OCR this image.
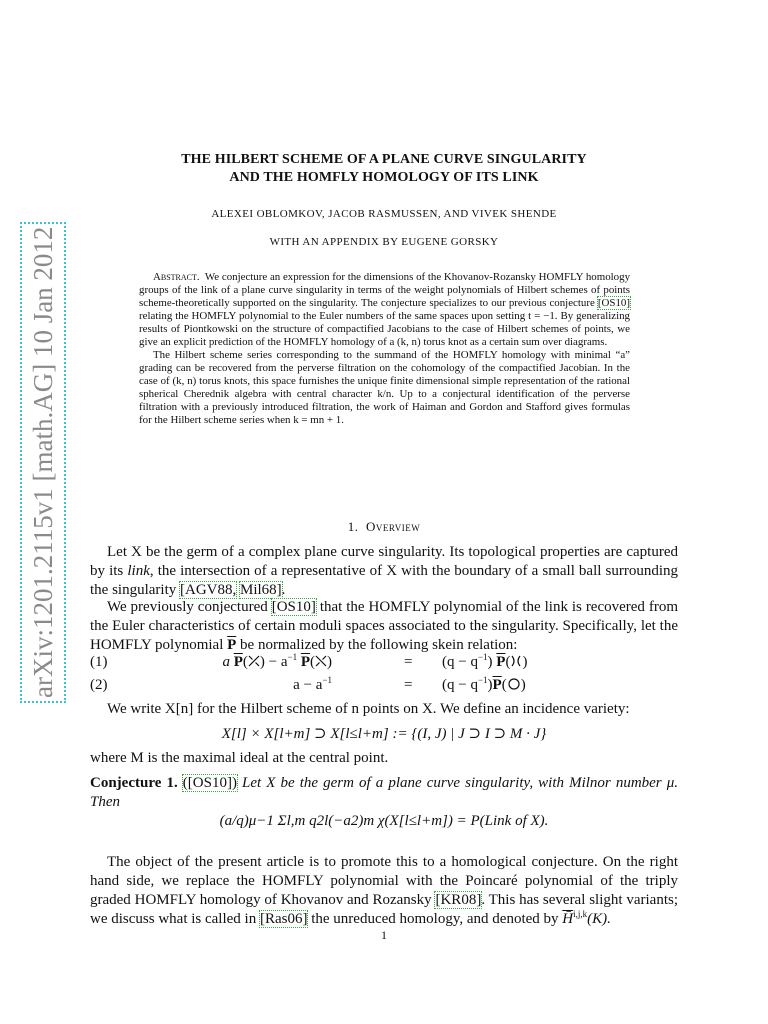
arXiv:1201.2115v1 [math.AG] 10 Jan 2012
THE HILBERT SCHEME OF A PLANE CURVE SINGULARITY
AND THE HOMFLY HOMOLOGY OF ITS LINK
ALEXEI OBLOMKOV, JACOB RASMUSSEN, AND VIVEK SHENDE
WITH AN APPENDIX BY EUGENE GORSKY

Abstract. We conjecture an expression for the dimensions of the Khovanov-Rozansky HOMFLY homology groups of the link of a plane curve singularity in terms of the weight polynomials of Hilbert schemes of points scheme-theoretically supported on the singularity. The conjecture specializes to our previous conjecture [OS10] relating the HOMFLY polynomial to the Euler numbers of the same spaces upon setting t = −1. By generalizing results of Piontkowski on the structure of compactified Jacobians to the case of Hilbert schemes of points, we give an explicit prediction of the HOMFLY homology of a (k, n) torus knot as a certain sum over diagrams.

The Hilbert scheme series corresponding to the summand of the HOMFLY homology with minimal “a” grading can be recovered from the perverse filtration on the cohomology of the compactified Jacobian. In the case of (k, n) torus knots, this space furnishes the unique finite dimensional simple representation of the rational spherical Cherednik algebra with central character k/n. Up to a conjectural identification of the perverse filtration with a previously introduced filtration, the work of Haiman and Gordon and Stafford gives formulas for the Hilbert scheme series when k = mn + 1.

1. Overview

Let X be the germ of a complex plane curve singularity. Its topological properties are captured by its link, the intersection of a representative of X with the boundary of a small ball surrounding the singularity [AGV88, Mil68].

We previously conjectured [OS10] that the HOMFLY polynomial of the link is recovered from the Euler characteristics of certain moduli spaces associated to the singularity. Specifically, let the HOMFLY polynomial $\overline{P}$ be normalized by the following skein relation:

(1)	a $\overline{P}$( ) − $a^{-1}$ $\overline{P}$( )	= $(q - q^{-1})$ $\overline{P}$( )
(2)	$a - a^{-1}$	= $(q - q^{-1})\overline{P}$( )

We write X[n] for the Hilbert scheme of n points on X. We define an incidence variety:

X[l] × X[l+m] ⊃ X[l≤l+m] := {(I, J) | J ⊃ I ⊃ M · J}

where M is the maximal ideal at the central point.

Conjecture 1. ([OS10]) Let X be the germ of a plane curve singularity, with Milnor number μ. Then

(a/q)μ−1 Σl,m q2l(−a2)m χ(X[l≤l+m]) = P(Link of X).

The object of the present article is to promote this to a homological conjecture. On the right hand side, we replace the HOMFLY polynomial with the Poincaré polynomial of the triply graded HOMFLY homology of Khovanov and Rozansky [KR08]. This has several slight variants; we discuss what is called in [Ras06] the unreduced homology, and denoted by H̄$^{i,j,k}$(K).

1
